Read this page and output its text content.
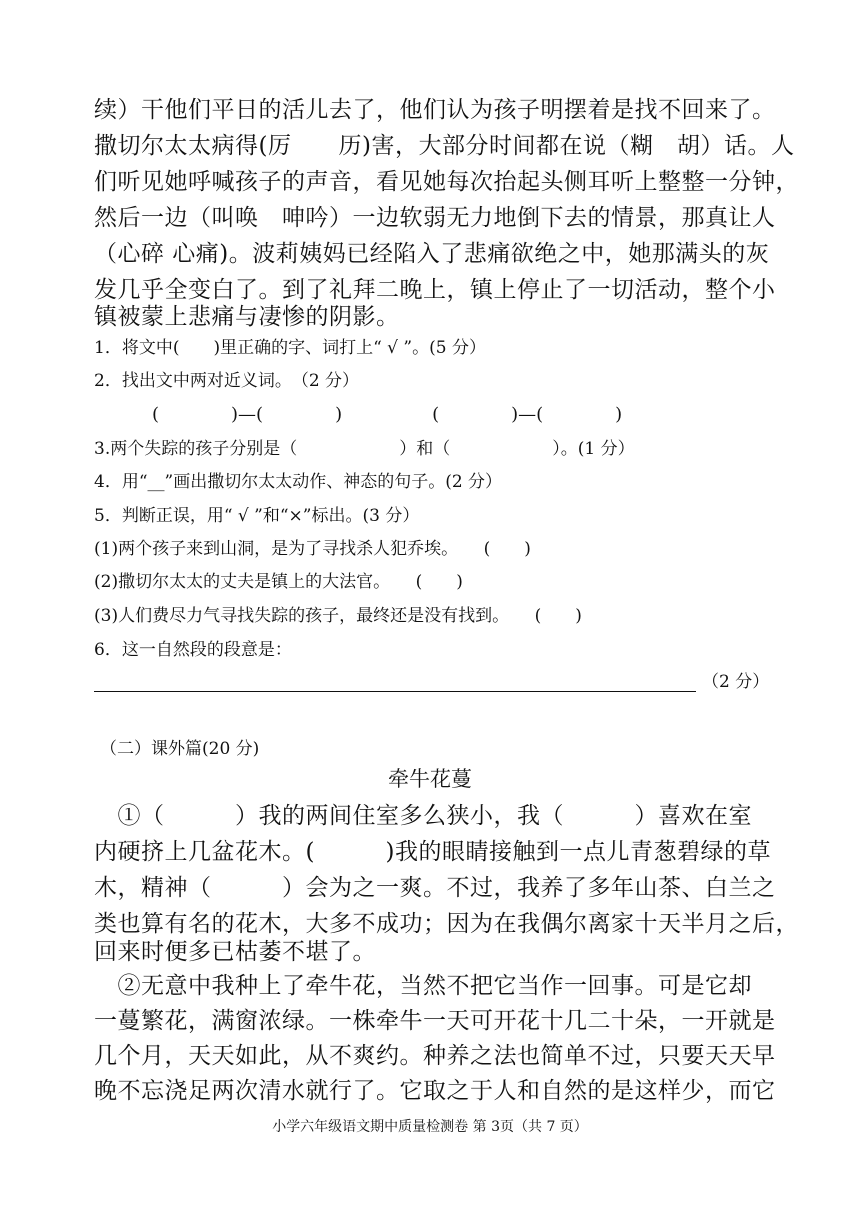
续）干他们平日的活儿去了，他们认为孩子明摆着是找不回来了。
撒切尔太太病得(厉　　历)害，大部分时间都在说（糊　胡）话。人
们听见她呼喊孩子的声音，看见她每次抬起头侧耳听上整整一分钟，
然后一边（叫唤　呻吟）一边软弱无力地倒下去的情景，那真让人
（心碎 心痛)。波莉姨妈已经陷入了悲痛欲绝之中，她那满头的灰
发几乎全变白了。到了礼拜二晚上，镇上停止了一切活动，整个小
镇被蒙上悲痛与凄惨的阴影。
1．将文中(　　)里正确的字、词打上“ √ ”。(5 分）
2．找出文中两对近义词。　（2 分）
(　　　　)—(　　　　)　　　　　(　　　　)—(　　　　)
3.两个失踪的孩子分别是（　　　　　　）和（　　　　　　）。(1 分）
4．用“__”画出撒切尔太太动作、神态的句子。(2 分）
5．判断正误，用“ √ ”和“×”标出。(3 分）
(1)两个孩子来到山洞，是为了寻找杀人犯乔埃。　　(　　)
(2)撒切尔太太的丈夫是镇上的大法官。　　(　　)
(3)人们费尽力气寻找失踪的孩子，最终还是没有找到。　　(　　)
6．这一自然段的段意是：
（2 分）
（二）课外篇(20 分)
牵牛花蔓
　①（　　　）我的两间住室多么狭小，我（　　　）喜欢在室
内硬挤上几盆花木。(　　　)我的眼睛接触到一点儿青葱碧绿的草
木，精神（　　　）会为之一爽。不过，我养了多年山茶、白兰之
类也算有名的花木，大多不成功；因为在我偶尔离家十天半月之后，
回来时便多已枯萎不堪了。
　②无意中我种上了牵牛花，当然不把它当作一回事。可是它却
一蔓繁花，满窗浓绿。一株牵牛一天可开花十几二十朵，一开就是
几个月，天天如此，从不爽约。种养之法也简单不过，只要天天早
晚不忘浇足两次清水就行了。它取之于人和自然的是这样少，而它
小学六年级语文期中质量检测卷 第 3页（共 7 页）
